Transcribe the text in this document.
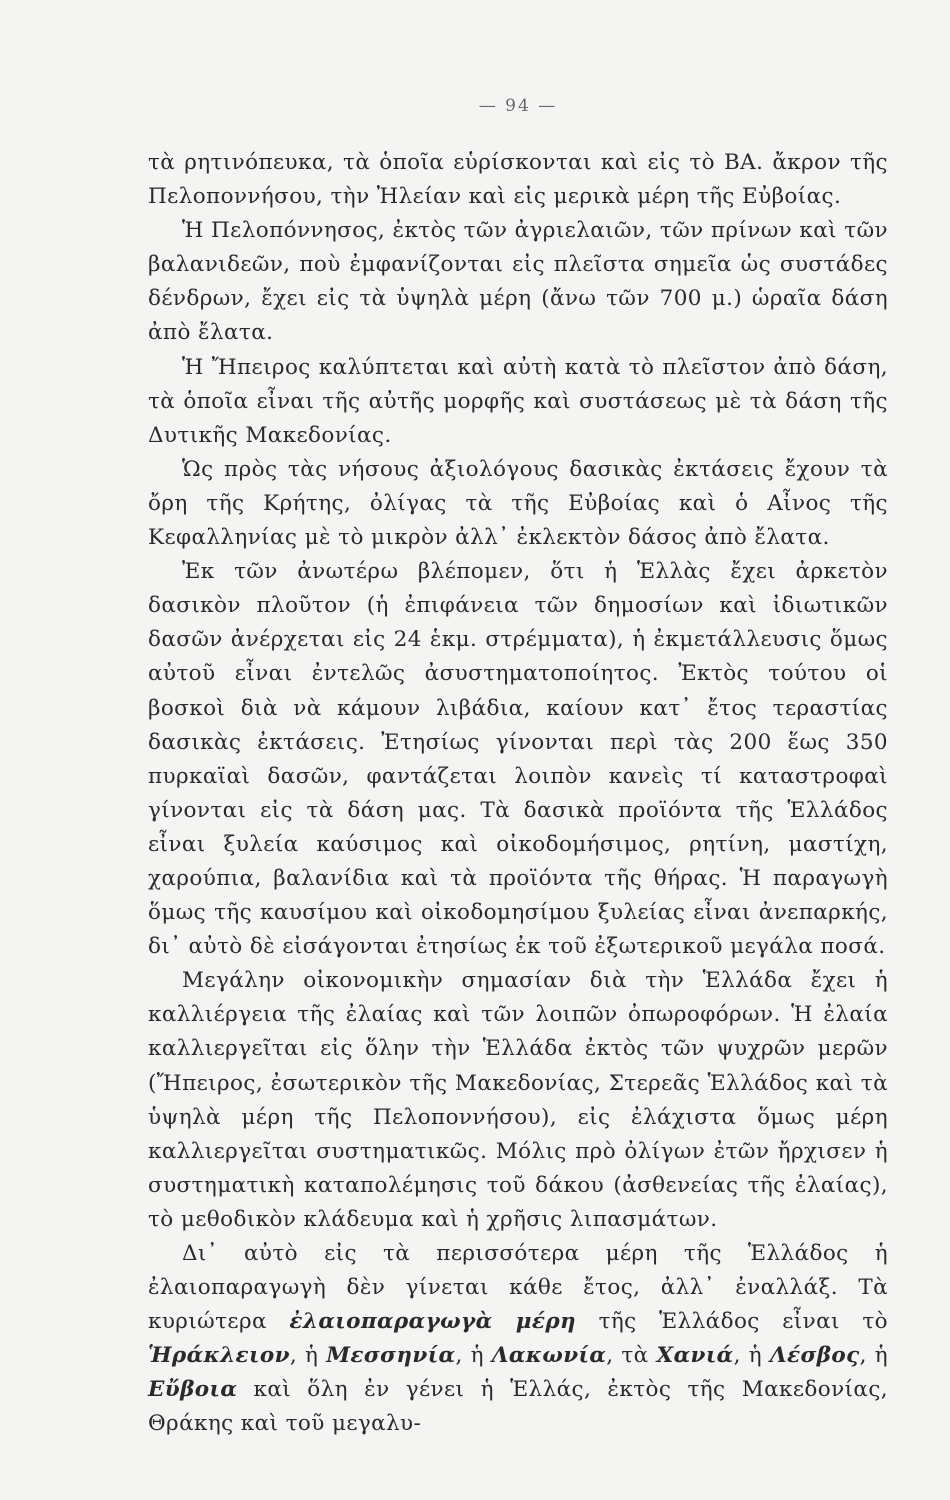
— 94 —

τὰ ρητινόπευκα, τὰ ὁποῖα εὑρίσκονται καὶ εἰς τὸ ΒΑ. ἄκρον τῆς Πελοποννήσου, τὴν Ἠλείαν καὶ εἰς μερικὰ μέρη τῆς Εὐβοίας.

Ἡ Πελοπόννησος, ἐκτὸς τῶν ἀγριελαιῶν, τῶν πρίνων καὶ τῶν βαλανιδεῶν, ποὺ ἐμφανίζονται εἰς πλεῖστα σημεῖα ὡς συστάδες δένδρων, ἔχει εἰς τὰ ὑψηλὰ μέρη (ἄνω τῶν 700 μ.) ὡραῖα δάση ἀπὸ ἔλατα.

Ἡ Ἤπειρος καλύπτεται καὶ αὐτὴ κατὰ τὸ πλεῖστον ἀπὸ δάση, τὰ ὁποῖα εἶναι τῆς αὐτῆς μορφῆς καὶ συστάσεως μὲ τὰ δάση τῆς Δυτικῆς Μακεδονίας.

Ὡς πρὸς τὰς νήσους ἀξιολόγους δασικὰς ἐκτάσεις ἔχουν τὰ ὄρη τῆς Κρήτης, ὀλίγας τὰ τῆς Εὐβοίας καὶ ὁ Αἶνος τῆς Κεφαλληνίας μὲ τὸ μικρὸν ἀλλ᾽ ἐκλεκτὸν δάσος ἀπὸ ἔλατα.

Ἐκ τῶν ἀνωτέρω βλέπομεν, ὅτι ἡ Ἑλλὰς ἔχει ἀρκετὸν δασικὸν πλοῦτον (ἡ ἐπιφάνεια τῶν δημοσίων καὶ ἰδιωτικῶν δασῶν ἀνέρχεται εἰς 24 ἑκμ. στρέμματα), ἡ ἐκμετάλλευσις ὅμως αὐτοῦ εἶναι ἐντελῶς ἀσυστηματοποίητος. Ἐκτὸς τούτου οἱ βοσκοὶ διὰ νὰ κάμουν λιβάδια, καίουν κατ᾽ ἔτος τεραστίας δασικὰς ἐκτάσεις. Ἐτησίως γίνονται περὶ τὰς 200 ἕως 350 πυρκαϊαὶ δασῶν, φαντάζεται λοιπὸν κανεὶς τί καταστροφαὶ γίνονται εἰς τὰ δάση μας. Τὰ δασικὰ προϊόντα τῆς Ἑλλάδος εἶναι ξυλεία καύσιμος καὶ οἰκοδομήσιμος, ρητίνη, μαστίχη, χαρούπια, βαλανίδια καὶ τὰ προϊόντα τῆς θήρας. Ἡ παραγωγὴ ὅμως τῆς καυσίμου καὶ οἰκοδομησίμου ξυλείας εἶναι ἀνεπαρκής, δι᾽ αὐτὸ δὲ εἰσάγονται ἐτησίως ἐκ τοῦ ἐξωτερικοῦ μεγάλα ποσά.

Μεγάλην οἰκονομικὴν σημασίαν διὰ τὴν Ἑλλάδα ἔχει ἡ καλλιέργεια τῆς ἐλαίας καὶ τῶν λοιπῶν ὀπωροφόρων. Ἡ ἐλαία καλλιεργεῖται εἰς ὅλην τὴν Ἑλλάδα ἐκτὸς τῶν ψυχρῶν μερῶν (Ἤπειρος, ἐσωτερικὸν τῆς Μακεδονίας, Στερεᾶς Ἑλλάδος καὶ τὰ ὑψηλὰ μέρη τῆς Πελοποννήσου), εἰς ἐλάχιστα ὅμως μέρη καλλιεργεῖται συστηματικῶς. Μόλις πρὸ ὀλίγων ἐτῶν ἤρχισεν ἡ συστηματικὴ καταπολέμησις τοῦ δάκου (ἀσθενείας τῆς ἐλαίας), τὸ μεθοδικὸν κλάδευμα καὶ ἡ χρῆσις λιπασμάτων.

Δι᾽ αὐτὸ εἰς τὰ περισσότερα μέρη τῆς Ἑλλάδος ἡ ἐλαιοπαραγωγὴ δὲν γίνεται κάθε ἔτος, ἀλλ᾽ ἐναλλάξ. Τὰ κυριώτερα ἐλαιοπαραγωγὰ μέρη τῆς Ἑλλάδος εἶναι τὸ Ἡράκλειον, ἡ Μεσσηνία, ἡ Λακωνία, τὰ Χανιά, ἡ Λέσβος, ἡ Εὔβοια καὶ ὅλη ἐν γένει ἡ Ἑλλάς, ἐκτὸς τῆς Μακεδονίας, Θράκης καὶ τοῦ μεγαλυ-
